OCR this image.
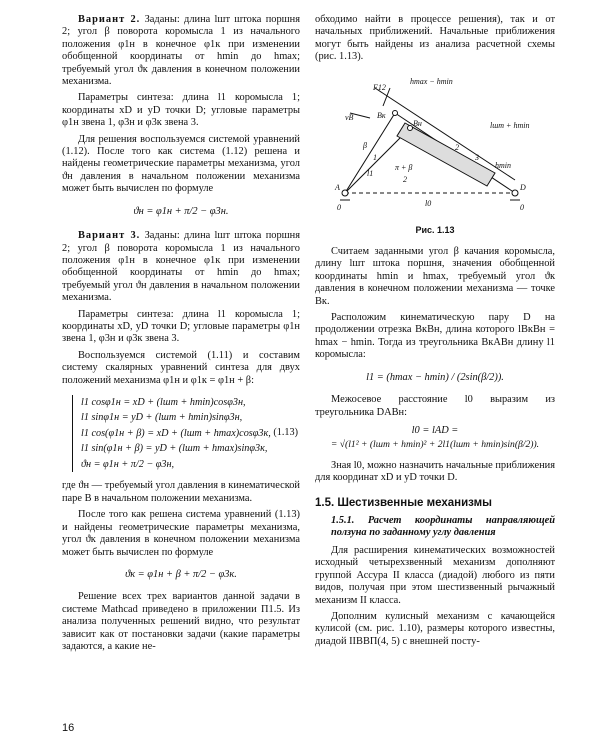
Вариант 2. Заданы: длина lшт штока поршня 2; угол β поворота коромысла 1 из начального положения φ1н в конечное φ1к при изменении обобщенной координаты от hmin до hmax; требуемый угол ϑк давления в конечном положении механизма.

Параметры синтеза: длина l1 коромысла 1; координаты xD и yD точки D; угловые параметры φ1н звена 1, φ3н и φ3к звена 3.

Для решения воспользуемся системой уравнений (1.12). После того как система (1.12) решена и найдены геометрические параметры механизма, угол ϑн давления в начальном положении механизма может быть вычислен по формуле

ϑн = φ1н + π/2 − φ3н.

Вариант 3. Заданы: длина lшт штока поршня 2; угол β поворота коромысла 1 из начального положения φ1н в конечное φ1к при изменении обобщенной координаты от hmin до hmax; требуемый угол ϑн давления в начальном положении механизма.

Параметры синтеза: длина l1 коромысла 1; координаты xD, yD точки D; угловые параметры φ1н звена 1, φ3н и φ3к звена 3.

Воспользуемся системой (1.11) и составим систему скалярных уравнений синтеза для двух положений механизма φ1н и φ1к = φ1н + β:

l1 cosφ1н = xD + (lшт + hmin)cosφ3н,
l1 sinφ1н = yD + (lшт + hmin)sinφ3н,
l1 cos(φ1н + β) = xD + (lшт + hmax)cosφ3к,
l1 sin(φ1н + β) = yD + (lшт + hmax)sinφ3к,
ϑн = φ1н + π/2 − φ3н,
(1.13)

где ϑн — требуемый угол давления в кинематической паре B в начальном положении механизма.

После того как решена система уравнений (1.13) и найдены геометрические параметры механизма, угол ϑк давления в конечном положении механизма может быть вычислен по формуле

ϑк = φ1н + β + π/2 − φ3к.

Решение всех трех вариантов данной задачи в системе Mathcad приведено в приложении П1.5. Из анализа полученных решений видно, что результат зависит как от постановки задачи (какие параметры задаются, а какие не-

обходимо найти в процессе решения), так и от начальных приближений. Начальные приближения могут быть найдены из анализа расчетной схемы (рис. 1.13).

F12
hmax − hmin
vB	Bк
Bн
β
1
lшт + hmin
2
3
hmin
l1
π + β
2
A	D
0	l0	0
Рис. 1.13

Считаем заданными угол β качания коромысла, длину lшт штока поршня, значения обобщенной координаты hmin и hmax, требуемый угол ϑк давления в конечном положении механизма — точке Bк.

Расположим кинематическую пару D на продолжении отрезка BкBн, длина которого lBкBн = hmax − hmin. Тогда из треугольника BкABн длину l1 коромысла:

l1 = (hmax − hmin) / (2sin(β/2)).

Межосевое расстояние l0 выразим из треугольника DABн:

l0 = lAD =
= √(l1² + (lшт + hmin)² + 2l1(lшт + hmin)sin(β/2)).

Зная l0, можно назначить начальные приближения для координат xD и yD точки D.

1.5. Шестизвенные механизмы
1.5.1. Расчет координаты направляющей ползуна по заданному углу давления

Для расширения кинематических возможностей исходный четырехзвенный механизм дополняют группой Ассура II класса (диадой) любого из пяти видов, получая при этом шестизвенный рычажный механизм II класса.

Дополним кулисный механизм с качающейся кулисой (см. рис. 1.10), размеры которого известны, диадой IIВВП(4, 5) с внешней посту-

16
